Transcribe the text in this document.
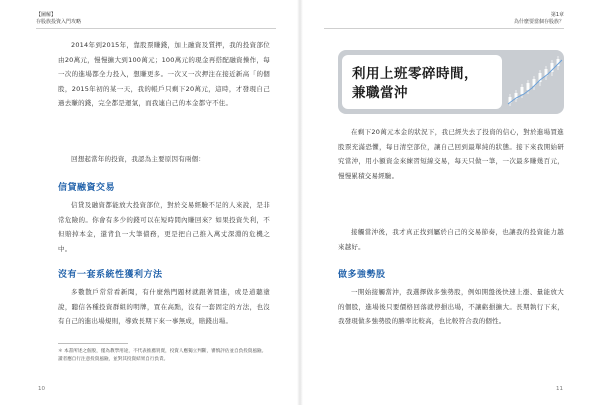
【圖解】
存股族投資入門攻略
2014年到2015年，靠股票賺錢，加上融資及質押，我的投資部位由20萬元，慢慢擴大到100萬元；100萬元的現金再搭配融資操作，每一次的進場都全力投入，想賺更多。一次又一次押注在接近新高「的個股，2015年初的某一天，我的帳戶只剩下20萬元，這時，才發現自己過去賺的錢，完全都是運氣，而我連自己的本金都守不住。
回想起當年的投資，我認為主要原因有兩個：
信貸融資交易
信貸及融資都能放大投資部位，對於交易經驗不足的人來說，是非常危險的。你會有多少的錢可以在短時間內賺回來？如果投資失利，不但賠掉本金，還背負一大筆債務，更是把自己推入萬丈深淵的危機之中。
沒有一套系統性獲利方法
多數散戶常常看新聞，有什麼熱門題材就跟著買進，或是道聽塗說，聽信各種投資群組的明牌，買在高點，沒有一套固定的方法，也沒有自己的進出場規則，導致長期下來一事無成，賠錢出場。
＊ 本書所述之個股，僅為教學用途，不代表推薦買賣，投資人應獨立判斷，審慎評估並自負投資風險。讀者應自行注意投資風險，並對其投資結果自行負責。
10
第1章
為什麼要當個存股族？
利用上班零碎時間，
兼職當沖
在剩下20萬元本金的狀況下，我已經失去了投資的信心，對於進場買進股票充滿恐懼，每日清空部位，讓自己回到最單純的狀態。接下來我開始研究當沖，用小額資金來練習短線交易，每天只做一筆，一次最多賺幾百元，慢慢累積交易經驗。
接觸當沖後，我才真正找到屬於自己的交易節奏，也讓我的投資能力越來越好。
做多強勢股
一開始接觸當沖，我選擇做多強勢股，例如開盤後快速上漲、量能放大的個股，進場後只要價格回落就停損出場，不讓虧損擴大。長期執行下來，我發現做多強勢股的勝率比較高，也比較符合我的個性。
11
